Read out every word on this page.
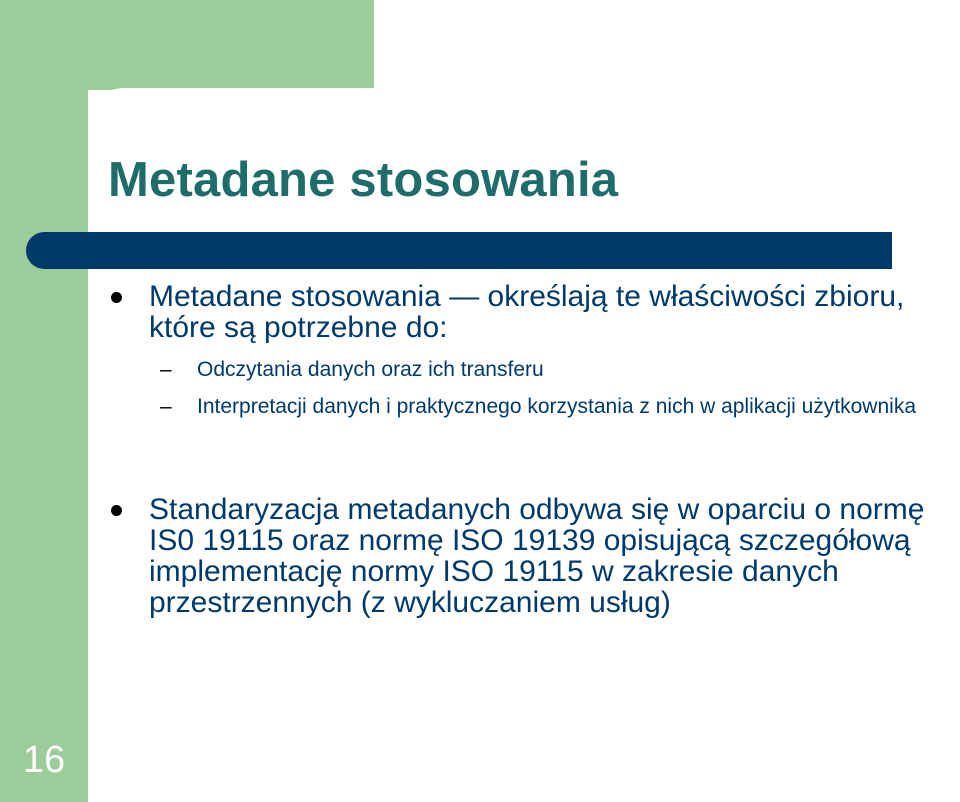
Metadane stosowania

Metadane stosowania — określają te właściwości zbioru, które są potrzebne do:

– Odczytania danych oraz ich transferu

– Interpretacji danych i praktycznego korzystania z nich w aplikacji użytkownika

Standaryzacja metadanych odbywa się w oparciu o normę IS0 19115 oraz normę ISO 19139 opisującą szczegółową implementację normy ISO 19115 w zakresie danych przestrzennych (z wykluczaniem usług)

16
